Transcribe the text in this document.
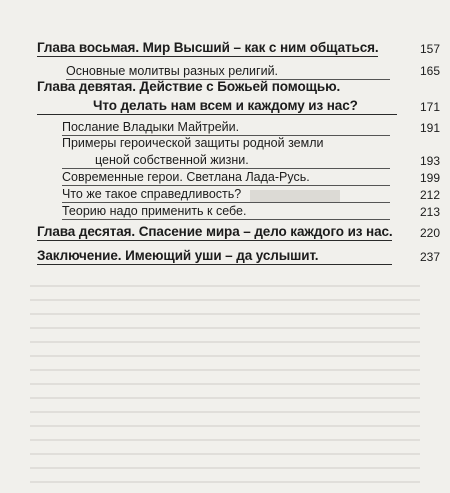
Глава восьмая. Мир Высший – как с ним общаться.	157
Основные молитвы разных религий.	165
Глава девятая. Действие с Божьей помощью.
Что делать нам всем и каждому из нас?	171
Послание Владыки Майтрейи.	191
Примеры героической защиты родной земли
ценой собственной жизни.	193
Современные герои. Светлана Лада-Русь.	199
Что же такое справедливость?	212
Теорию надо применить к себе.	213
Глава десятая. Спасение мира – дело каждого из нас. 220
Заключение. Имеющий уши – да услышит.	237
